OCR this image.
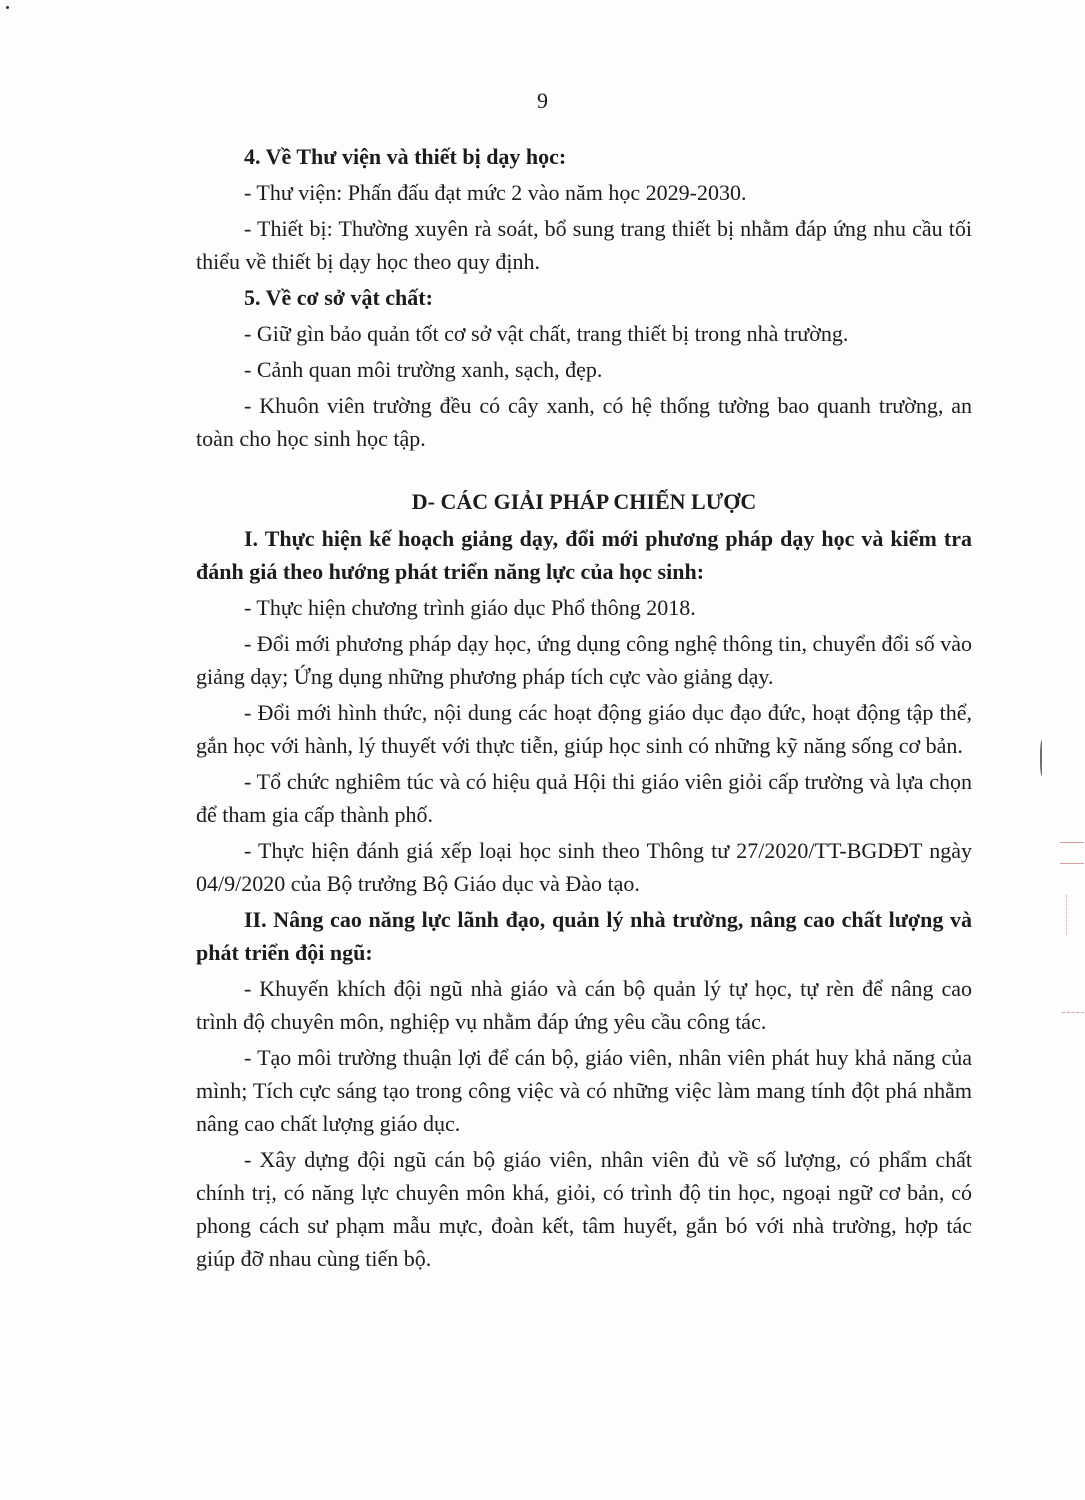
9
4. Về Thư viện và thiết bị dạy học:
- Thư viện: Phấn đấu đạt mức 2 vào năm học 2029-2030.
- Thiết bị: Thường xuyên rà soát, bổ sung trang thiết bị nhằm đáp ứng nhu cầu tối thiểu về thiết bị dạy học theo quy định.
5. Về cơ sở vật chất:
- Giữ gìn bảo quản tốt cơ sở vật chất, trang thiết bị trong nhà trường.
- Cảnh quan môi trường xanh, sạch, đẹp.
- Khuôn viên trường đều có cây xanh, có hệ thống tường bao quanh trường, an toàn cho học sinh học tập.
D- CÁC GIẢI PHÁP CHIẾN LƯỢC
I. Thực hiện kế hoạch giảng dạy, đổi mới phương pháp dạy học và kiểm tra đánh giá theo hướng phát triển năng lực của học sinh:
- Thực hiện chương trình giáo dục Phổ thông 2018.
- Đổi mới phương pháp dạy học, ứng dụng công nghệ thông tin, chuyển đổi số vào giảng dạy; Ứng dụng những phương pháp tích cực vào giảng dạy.
- Đổi mới hình thức, nội dung các hoạt động giáo dục đạo đức, hoạt động tập thể, gắn học với hành, lý thuyết với thực tiễn, giúp học sinh có những kỹ năng sống cơ bản.
- Tổ chức nghiêm túc và có hiệu quả Hội thi giáo viên giỏi cấp trường và lựa chọn để tham gia cấp thành phố.
- Thực hiện đánh giá xếp loại học sinh theo Thông tư 27/2020/TT-BGDĐT ngày 04/9/2020 của Bộ trưởng Bộ Giáo dục và Đào tạo.
II. Nâng cao năng lực lãnh đạo, quản lý nhà trường, nâng cao chất lượng và phát triển đội ngũ:
- Khuyến khích đội ngũ nhà giáo và cán bộ quản lý tự học, tự rèn để nâng cao trình độ chuyên môn, nghiệp vụ nhằm đáp ứng yêu cầu công tác.
- Tạo môi trường thuận lợi để cán bộ, giáo viên, nhân viên phát huy khả năng của mình; Tích cực sáng tạo trong công việc và có những việc làm mang tính đột phá nhằm nâng cao chất lượng giáo dục.
- Xây dựng đội ngũ cán bộ giáo viên, nhân viên đủ về số lượng, có phẩm chất chính trị, có năng lực chuyên môn khá, giỏi, có trình độ tin học, ngoại ngữ cơ bản, có phong cách sư phạm mẫu mực, đoàn kết, tâm huyết, gắn bó với nhà trường, hợp tác giúp đỡ nhau cùng tiến bộ.
